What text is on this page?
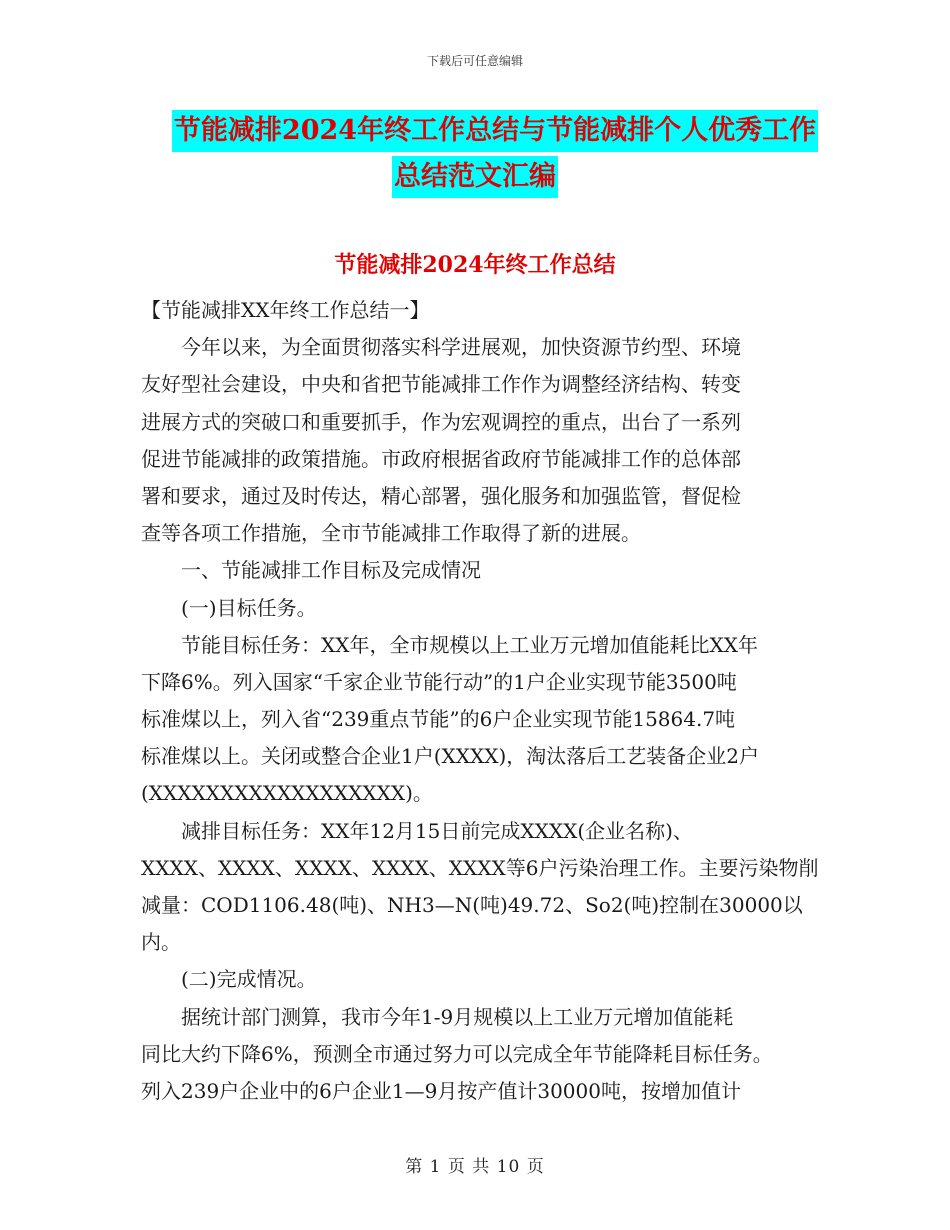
下载后可任意编辑
节能减排2024年终工作总结与节能减排个人优秀工作
总结范文汇编
节能减排2024年终工作总结
【节能减排XX年终工作总结一】
　　今年以来，为全面贯彻落实科学进展观，加快资源节约型、环境
友好型社会建设，中央和省把节能减排工作作为调整经济结构、转变
进展方式的突破口和重要抓手，作为宏观调控的重点，出台了一系列
促进节能减排的政策措施。市政府根据省政府节能减排工作的总体部
署和要求，通过及时传达，精心部署，强化服务和加强监管，督促检
查等各项工作措施，全市节能减排工作取得了新的进展。
　　一、节能减排工作目标及完成情况
　　(一)目标任务。
　　节能目标任务：XX年，全市规模以上工业万元增加值能耗比XX年
下降6%。列入国家“千家企业节能行动”的1户企业实现节能3500吨
标准煤以上，列入省“239重点节能”的6户企业实现节能15864.7吨
标准煤以上。关闭或整合企业1户(XXXX)，淘汰落后工艺装备企业2户
(XXXXXXXXXXXXXXXXXX)。
　　减排目标任务：XX年12月15日前完成XXXX(企业名称)、
XXXX、XXXX、XXXX、XXXX、XXXX等6户污染治理工作。主要污染物削
减量：COD1106.48(吨)、NH3—N(吨)49.72、So2(吨)控制在30000以
内。
　　(二)完成情况。
　　据统计部门测算，我市今年1-9月规模以上工业万元增加值能耗
同比大约下降6%，预测全市通过努力可以完成全年节能降耗目标任务。
列入239户企业中的6户企业1—9月按产值计30000吨，按增加值计
第 1 页 共 10 页
